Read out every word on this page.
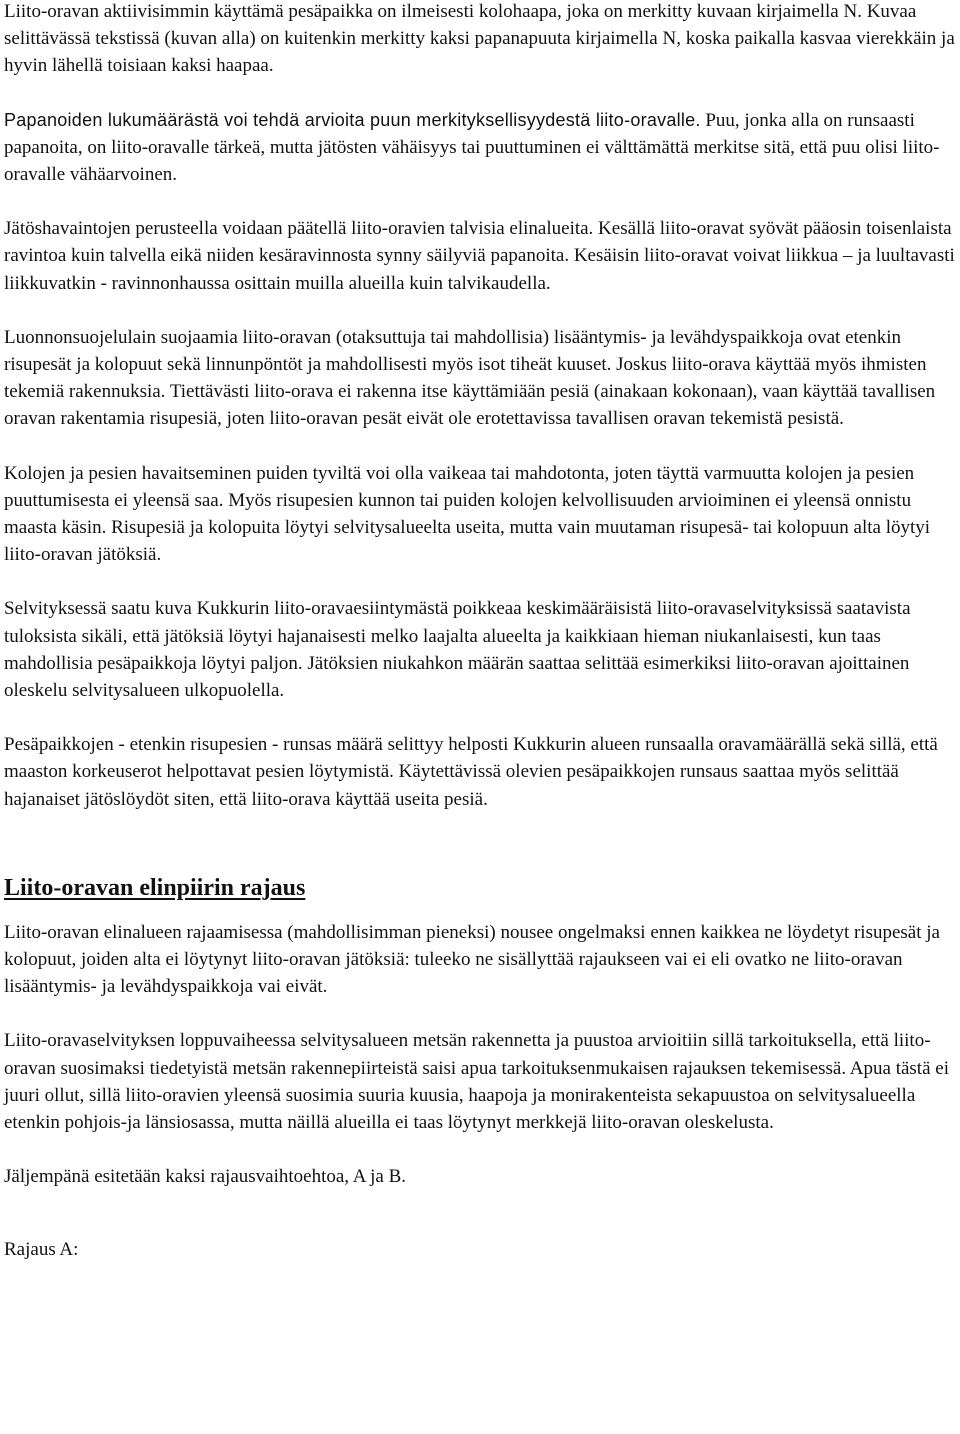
Liito-oravan aktiivisimmin käyttämä pesäpaikka on ilmeisesti kolohaapa, joka on merkitty kuvaan kirjaimella N. Kuvaa selittävässä tekstissä (kuvan alla) on kuitenkin merkitty kaksi papanapuuta kirjaimella N, koska paikalla kasvaa vierekkäin ja hyvin lähellä toisiaan kaksi haapaa.

Papanoiden lukumäärästä voi tehdä arvioita puun merkityksellisyydestä liito-oravalle. Puu, jonka alla on runsaasti papanoita, on liito-oravalle tärkeä, mutta jätösten vähäisyys tai puuttuminen ei välttämättä merkitse sitä, että puu olisi liito-oravalle vähäarvoinen.

Jätöshavaintojen perusteella voidaan päätellä liito-oravien talvisia elinalueita. Kesällä liito-oravat syövät pääosin toisenlaista ravintoa kuin talvella eikä niiden kesäravinnosta synny säilyviä papanoita. Kesäisin liito-oravat voivat liikkua – ja luultavasti liikkuvatkin - ravinnonhaussa osittain muilla alueilla kuin talvikaudella.

Luonnonsuojelulain suojaamia liito-oravan (otaksuttuja tai mahdollisia) lisääntymis- ja levähdyspaikkoja ovat etenkin risupesät ja kolopuut sekä linnunpöntöt ja mahdollisesti myös isot tiheät kuuset. Joskus liito-orava käyttää myös ihmisten tekemiä rakennuksia. Tiettävästi liito-orava ei rakenna itse käyttämiään pesiä (ainakaan kokonaan), vaan käyttää tavallisen oravan rakentamia risupesiä, joten liito-oravan pesät eivät ole erotettavissa tavallisen oravan tekemistä pesistä.

Kolojen ja pesien havaitseminen puiden tyviltä voi olla vaikeaa tai mahdotonta, joten täyttä varmuutta kolojen ja pesien puuttumisesta ei yleensä saa. Myös risupesien kunnon tai puiden kolojen kelvollisuuden arvioiminen ei yleensä onnistu maasta käsin. Risupesiä ja kolopuita löytyi selvitysalueelta useita, mutta vain muutaman risupesä- tai kolopuun alta löytyi liito-oravan jätöksiä.

Selvityksessä saatu kuva Kukkurin liito-oravaesiintymästä poikkeaa keskimääräisistä liito-oravaselvityksissä saatavista tuloksista sikäli, että jätöksiä löytyi hajanaisesti melko laajalta alueelta ja kaikkiaan hieman niukanlaisesti, kun taas mahdollisia pesäpaikkoja löytyi paljon. Jätöksien niukahkon määrän saattaa selittää esimerkiksi liito-oravan ajoittainen oleskelu selvitysalueen ulkopuolella.

Pesäpaikkojen - etenkin risupesien - runsas määrä selittyy helposti Kukkurin alueen runsaalla oravamäärällä sekä sillä, että maaston korkeuserot helpottavat pesien löytymistä. Käytettävissä olevien pesäpaikkojen runsaus saattaa myös selittää hajanaiset jätöslöydöt siten, että liito-orava käyttää useita pesiä.

Liito-oravan elinpiirin rajaus

Liito-oravan elinalueen rajaamisessa (mahdollisimman pieneksi) nousee ongelmaksi ennen kaikkea ne löydetyt risupesät ja kolopuut, joiden alta ei löytynyt liito-oravan jätöksiä: tuleeko ne sisällyttää rajaukseen vai ei eli ovatko ne liito-oravan lisääntymis- ja levähdyspaikkoja vai eivät.

Liito-oravaselvityksen loppuvaiheessa selvitysalueen metsän rakennetta ja puustoa arvioitiin sillä tarkoituksella, että liito-oravan suosimaksi tiedetyistä metsän rakennepiirteistä saisi apua tarkoituksenmukaisen rajauksen tekemisessä. Apua tästä ei juuri ollut, sillä liito-oravien yleensä suosimia suuria kuusia, haapoja ja monirakenteista sekapuustoa on selvitysalueella etenkin pohjois-ja länsiosassa, mutta näillä alueilla ei taas löytynyt merkkejä liito-oravan oleskelusta.

Jäljempänä esitetään kaksi rajausvaihtoehtoa, A ja B.

Rajaus A:
